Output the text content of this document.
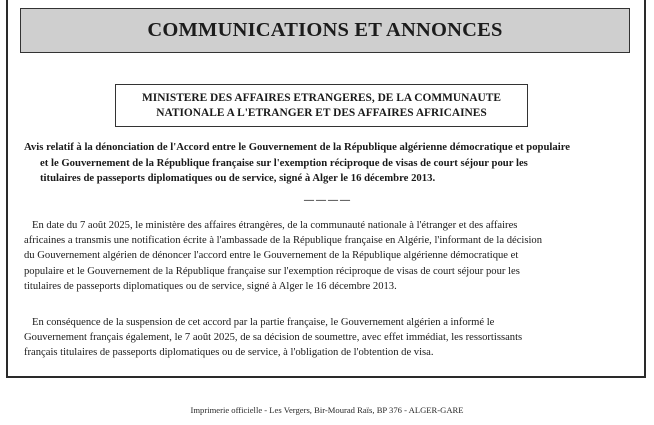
COMMUNICATIONS ET ANNONCES
MINISTERE DES AFFAIRES ETRANGERES, DE LA COMMUNAUTE
NATIONALE A L'ETRANGER ET DES AFFAIRES AFRICAINES
Avis relatif à la dénonciation de l'Accord entre le Gouvernement de la République algérienne démocratique et populaire
et le Gouvernement de la République française sur l'exemption réciproque de visas de court séjour pour les
titulaires de passeports diplomatiques ou de service, signé à Alger le 16 décembre 2013.
————
En date du 7 août 2025, le ministère des affaires étrangères, de la communauté nationale à l'étranger et des affaires
africaines a transmis une notification écrite à l'ambassade de la République française en Algérie, l'informant de la décision
du Gouvernement algérien de dénoncer l'accord entre le Gouvernement de la République algérienne démocratique et
populaire et le Gouvernement de la République française sur l'exemption réciproque de visas de court séjour pour les
titulaires de passeports diplomatiques ou de service, signé à Alger le 16 décembre 2013.
En conséquence de la suspension de cet accord par la partie française, le Gouvernement algérien a informé le
Gouvernement français également, le 7 août 2025, de sa décision de soumettre, avec effet immédiat, les ressortissants
français titulaires de passeports diplomatiques ou de service, à l'obligation de l'obtention de visa.
Imprimerie officielle - Les Vergers, Bir-Mourad Raïs, BP 376 - ALGER-GARE
